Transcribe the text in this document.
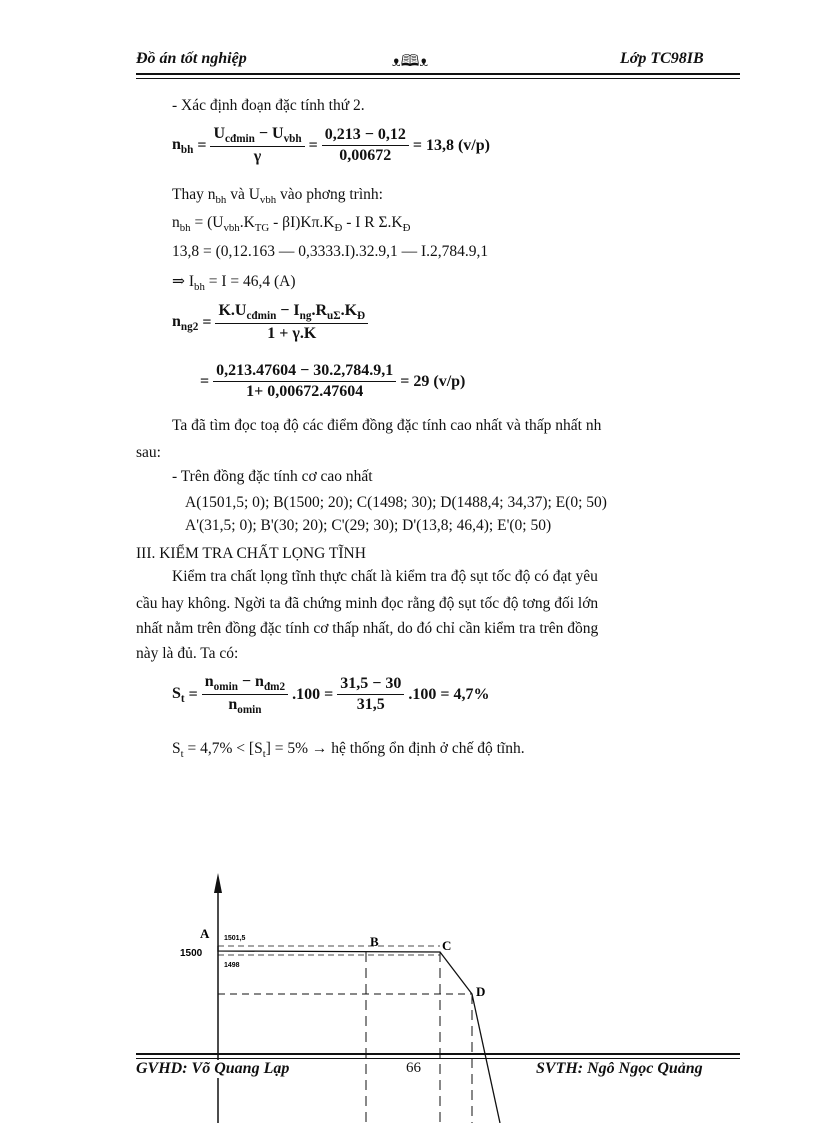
Đồ án tốt nghiệp	ᴥ🕮ᴥ	Lớp TC98IB
- Xác định đoạn đặc tính thứ 2.
$n_{bh} = \frac{U_{cđmin} - U_{vbh}}{\gamma} = \frac{0,213 - 0,12}{0,00672} = 13,8$ (v/p)
Thay $n_{bh}$ và $U_{vbh}$ vào phơng trình:
$n_{bh} = (U_{vbh}.K_{TG} - \beta I)K\pi.K_Đ - I$ R $\Sigma.K_Đ$
13,8 = (0,12.163 — 0,3333.I).32.9,1 — I.2,784.9,1
⇒ $I_{bh} = I = 46,4$ (A)
$n_{ng2} = \frac{K.U_{cđmin} - I_{ng}.R_{u\Sigma}.K_Đ}{1 + \gamma.K}$
= $\frac{0,213.47604 - 30.2,784.9,1}{1+ 0,00672.47604} = 29$ (v/p)
Ta đã tìm đọc toạ độ các điểm đồng đặc tính cao nhất và thấp nhất nh
sau:
- Trên đồng đặc tính cơ cao nhất
A(1501,5; 0); B(1500; 20); C(1498; 30); D(1488,4; 34,37); E(0; 50)
A'(31,5; 0); B'(30; 20); C'(29; 30); D'(13,8; 46,4); E'(0; 50)
III. KIỂM TRA CHẤT LỌNG TĨNH
Kiểm tra chất lọng tĩnh thực chất là kiểm tra độ sụt tốc độ có đạt yêu
cầu hay không. Ngời ta đã chứng minh đọc rằng độ sụt tốc độ tơng đối lớn
nhất nằm trên đồng đặc tính cơ thấp nhất, do đó chỉ cần kiểm tra trên đồng
này là đủ. Ta có:
$S_t = \frac{n_{omin} - n_{đm2}}{n_{omin}} .100 = \frac{31,5 - 30}{31,5} .100 = 4,7\%$
$S_t = 4,7\% < [S_t] = 5\%$ → hệ thống ổn định ở chế độ tĩnh.
A
B	C
D
1500
1501,5
1498
GVHD: Võ Quang Lạp	66	SVTH: Ngô Ngọc Quảng
